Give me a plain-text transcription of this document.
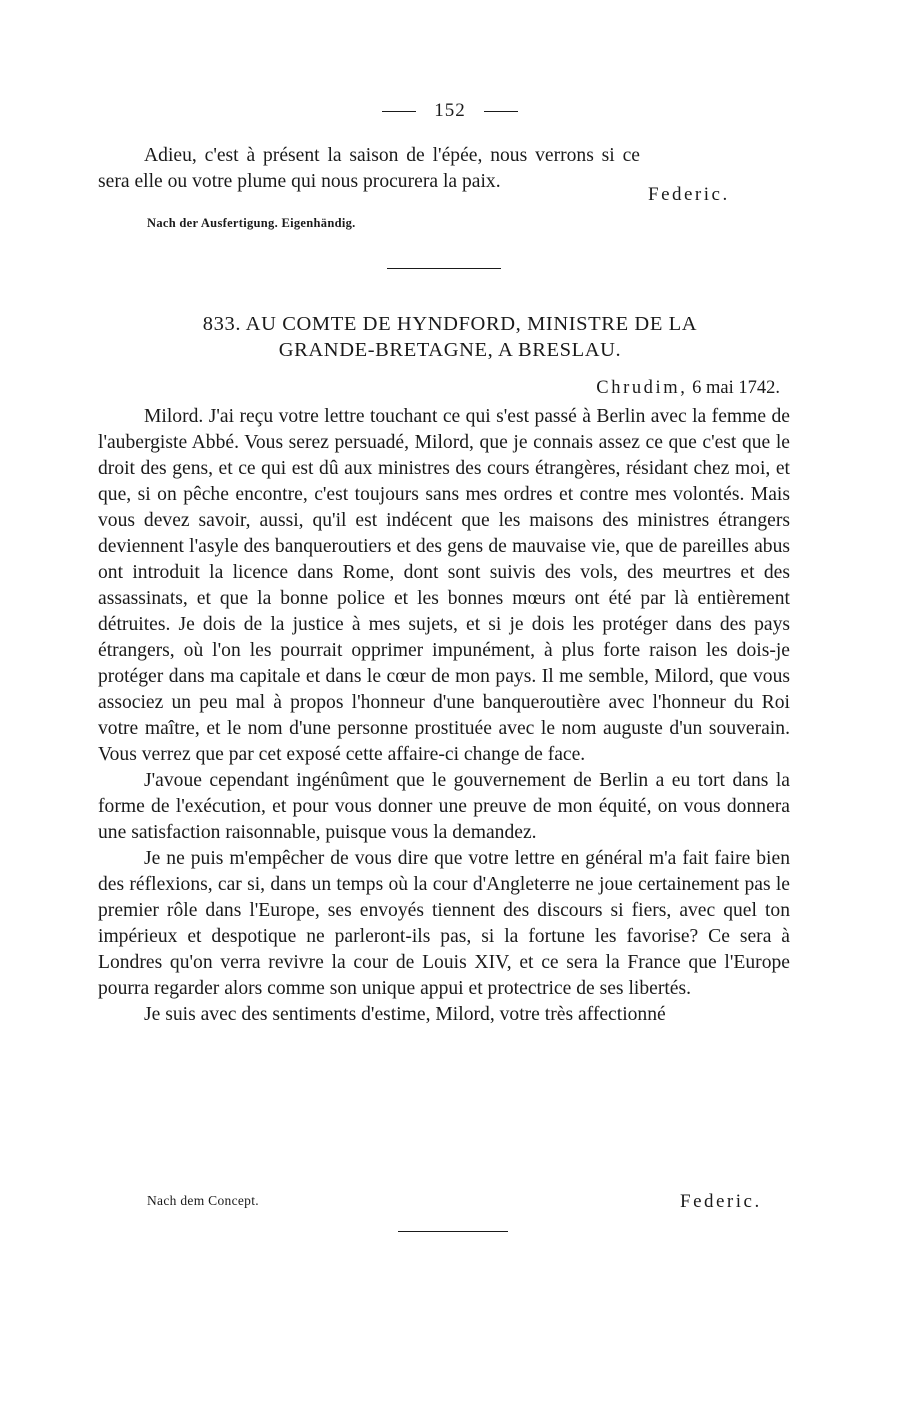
152

Adieu, c'est à présent la saison de l'épée, nous verrons si ce sera elle ou votre plume qui nous procurera la paix.

Federic.
Nach der Ausfertigung. Eigenhändig.
833. AU COMTE DE HYNDFORD, MINISTRE DE LA
GRANDE-BRETAGNE, A BRESLAU.
Chrudim, 6 mai 1742.

Milord. J'ai reçu votre lettre touchant ce qui s'est passé à Berlin avec la femme de l'aubergiste Abbé. Vous serez persuadé, Milord, que je connais assez ce que c'est que le droit des gens, et ce qui est dû aux ministres des cours étrangères, résidant chez moi, et que, si on pêche encontre, c'est toujours sans mes ordres et contre mes volontés. Mais vous devez savoir, aussi, qu'il est indécent que les maisons des ministres étrangers deviennent l'asyle des banqueroutiers et des gens de mauvaise vie, que de pareilles abus ont introduit la licence dans Rome, dont sont suivis des vols, des meurtres et des assassinats, et que la bonne police et les bonnes mœurs ont été par là entièrement détruites. Je dois de la justice à mes sujets, et si je dois les protéger dans des pays étrangers, où l'on les pourrait opprimer impunément, à plus forte raison les dois-je protéger dans ma capitale et dans le cœur de mon pays. Il me semble, Milord, que vous associez un peu mal à propos l'honneur d'une banqueroutière avec l'honneur du Roi votre maître, et le nom d'une personne prostituée avec le nom auguste d'un souverain. Vous verrez que par cet exposé cette affaire-ci change de face.

J'avoue cependant ingénûment que le gouvernement de Berlin a eu tort dans la forme de l'exécution, et pour vous donner une preuve de mon équité, on vous donnera une satisfaction raisonnable, puisque vous la demandez.

Je ne puis m'empêcher de vous dire que votre lettre en général m'a fait faire bien des réflexions, car si, dans un temps où la cour d'Angleterre ne joue certainement pas le premier rôle dans l'Europe, ses envoyés tiennent des discours si fiers, avec quel ton impérieux et despotique ne parleront-ils pas, si la fortune les favorise? Ce sera à Londres qu'on verra revivre la cour de Louis XIV, et ce sera la France que l'Europe pourra regarder alors comme son unique appui et protectrice de ses libertés.

Je suis avec des sentiments d'estime, Milord, votre très affectionné

Nach dem Concept.	Federic.
